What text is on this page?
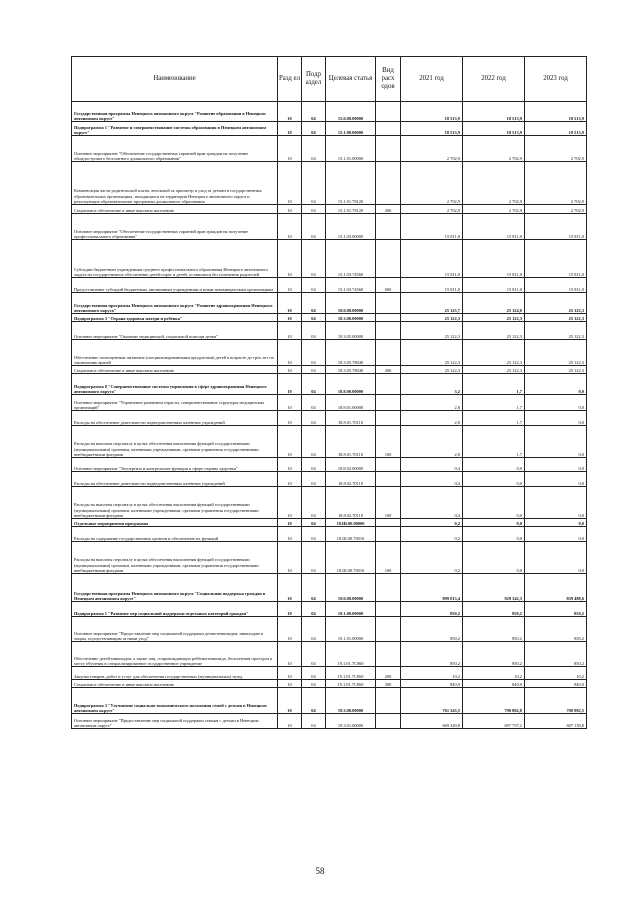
Наименование	Разд ел	Подр аздел	Целевая статья	Вид расх одов	2021 год	2022 год	2023 год
Государственная программа Ненецкого автономного округа "Развитие образования в Ненецком автономном округе"	10	04	15.0.00.00000		18 513,9	18 513,9	18 513,9
Подпрограмма 1 "Развитие и совершенствование системы образования в Ненецком автономном округе"	10	04	15.1.00.00000		18 513,9	18 513,9	18 513,9
Основное мероприятие "Обеспечение государственных гарантий прав граждан на получение общедоступного бесплатного дошкольного образования"	10	04	15.1.01.00000		2 702,9	2 702,9	2 702,9
Компенсация части родительской платы, вносимой за присмотр и уход за детьми в государственных образовательных организациях, находящихся на территории Ненецкого автономного округа и реализующих образовательные программы дошкольного образования	10	04	15.1.01.78120		2 702,9	2 702,9	2 702,9
Социальное обеспечение и иные выплаты населению	10	04	15.1.01.78120	300	2 702,9	2 702,9	2 702,9
Основное мероприятие "Обеспечение государственных гарантий прав граждан на получение профессионального образования"	10	04	15.1.03.00000		15 811,0	15 811,0	15 811,0
Субсидии бюджетным учреждениям среднего профессионального образования Ненецкого автономного округа на государственное обеспечение детей-сирот и детей, оставшихся без попечения родителей	10	04	15.1.03.74560		15 811,0	15 811,0	15 811,0
Предоставление субсидий бюджетным, автономным учреждениям и иным некоммерческим организациям	10	04	15.1.03.74560	600	15 811,0	15 811,0	15 811,0
Государственная программа Ненецкого автономного округа "Развитие здравоохранения Ненецкого автономного округа"	10	04	18.0.00.00000		25 125,7	25 124,0	25 122,3
Подпрограмма 3 "Охрана здоровья матери и ребёнка"	10	04	18.3.00.00000		25 122,3	25 122,3	25 122,3
Основное мероприятие "Оказание медицинской, социальной помощи детям"	10	04	18.3.05.00000		25 122,3	25 122,3	25 122,3
Обеспечение полноценным питанием (специализированными продуктами) детей в возрасте до трех лет по заключению врачей	10	04	18.3.05.78040		25 122,3	25 122,3	25 122,3
Социальное обеспечение и иные выплаты населению	10	04	18.3.05.78040	300	25 122,3	25 122,3	25 122,3
Подпрограмма 8 "Совершенствование системы управления в сфере здравоохранения Ненецкого автономного округа"	10	04	18.8.00.00000		3,2	1,7	0,0
Основное мероприятие "Управление развитием отрасли, совершенствование структуры медицинских организаций"	10	04	18.8.01.00000		2,8	1,7	0,0
Расходы на обеспечение деятельности подведомственных казённых учреждений	10	04	18.8.01.70110		2,8	1,7	0,0
Расходы на выплаты персоналу в целях обеспечения выполнения функций государственными (муниципальными) органами, казенными учреждениями, органами управления государственными внебюджетными фондами	10	04	18.8.01.70110	100	2,8	1,7	0,0
Основное мероприятие "Экспертиза и контрольные функции в сфере охраны здоровья"	10	04	18.8.02.00000		0,4	0,0	0,0
Расходы на обеспечение деятельности подведомственных казённых учреждений	10	04	18.8.02.70110		0,4	0,0	0,0
Расходы на выплаты персоналу в целях обеспечения выполнения функций государственными (муниципальными) органами, казенными учреждениями, органами управления государственными внебюджетными фондами	10	04	18.8.02.70110	100	0,4	0,0	0,0
Отдельные мероприятия программы	10	04	18.Ш.00.00000		0,2	0,0	0,0
Расходы на содержание государственных органов и обеспечение их функций	10	04	18.Ш.00.70010		0,2	0,0	0,0
Расходы на выплаты персоналу в целях обеспечения выполнения функций государственными (муниципальными) органами, казенными учреждениями, органами управления государственными внебюджетными фондами	10	04	18.Ш.00.70010	100	0,2	0,0	0,0
Государственная программа Ненецкого автономного округа "Социальная поддержка граждан в Ненецком автономном округе"	10	04	19.0.00.00000		899 813,4	929 342,3	839 488,6
Подпрограмма 1 "Развитие мер социальной поддержки отдельных категорий граждан"	10	04	19.1.00.00000		850,2	850,2	850,2
Основное мероприятие "Предоставление мер социальной поддержки детям-инвалидам, инвалидам и лицам, осуществляющим за ними уход"	10	04	19.1.01.00000		850,2	850,2	850,2
Обеспечение детей-инвалидов, а также лиц, сопровождающих ребёнка-инвалида, бесплатным проездом к месту обучения в специализированное государственное учреждение	10	04	19.1.01.7С060		850,2	850,2	850,2
Закупка товаров, работ и услуг для обеспечения государственных (муниципальных) нужд	10	04	19.1.01.7С060	200	10,2	10,2	10,2
Социальное обеспечение и иные выплаты населению	10	04	19.1.01.7С060	300	840,0	840,0	840,0
Подпрограмма 3 "Улучшение социально-экономического положения семей с детьми в Ненецком автономном округе"	10	04	19.3.00.00000		761 343,5	790 802,8	700 982,5
Основное мероприятие "Предоставление мер социальной поддержки семьям с детьми в Ненецком автономном округе"	10	04	19.3.01.00000		669 349,8	697 757,2	607 139,8
58
